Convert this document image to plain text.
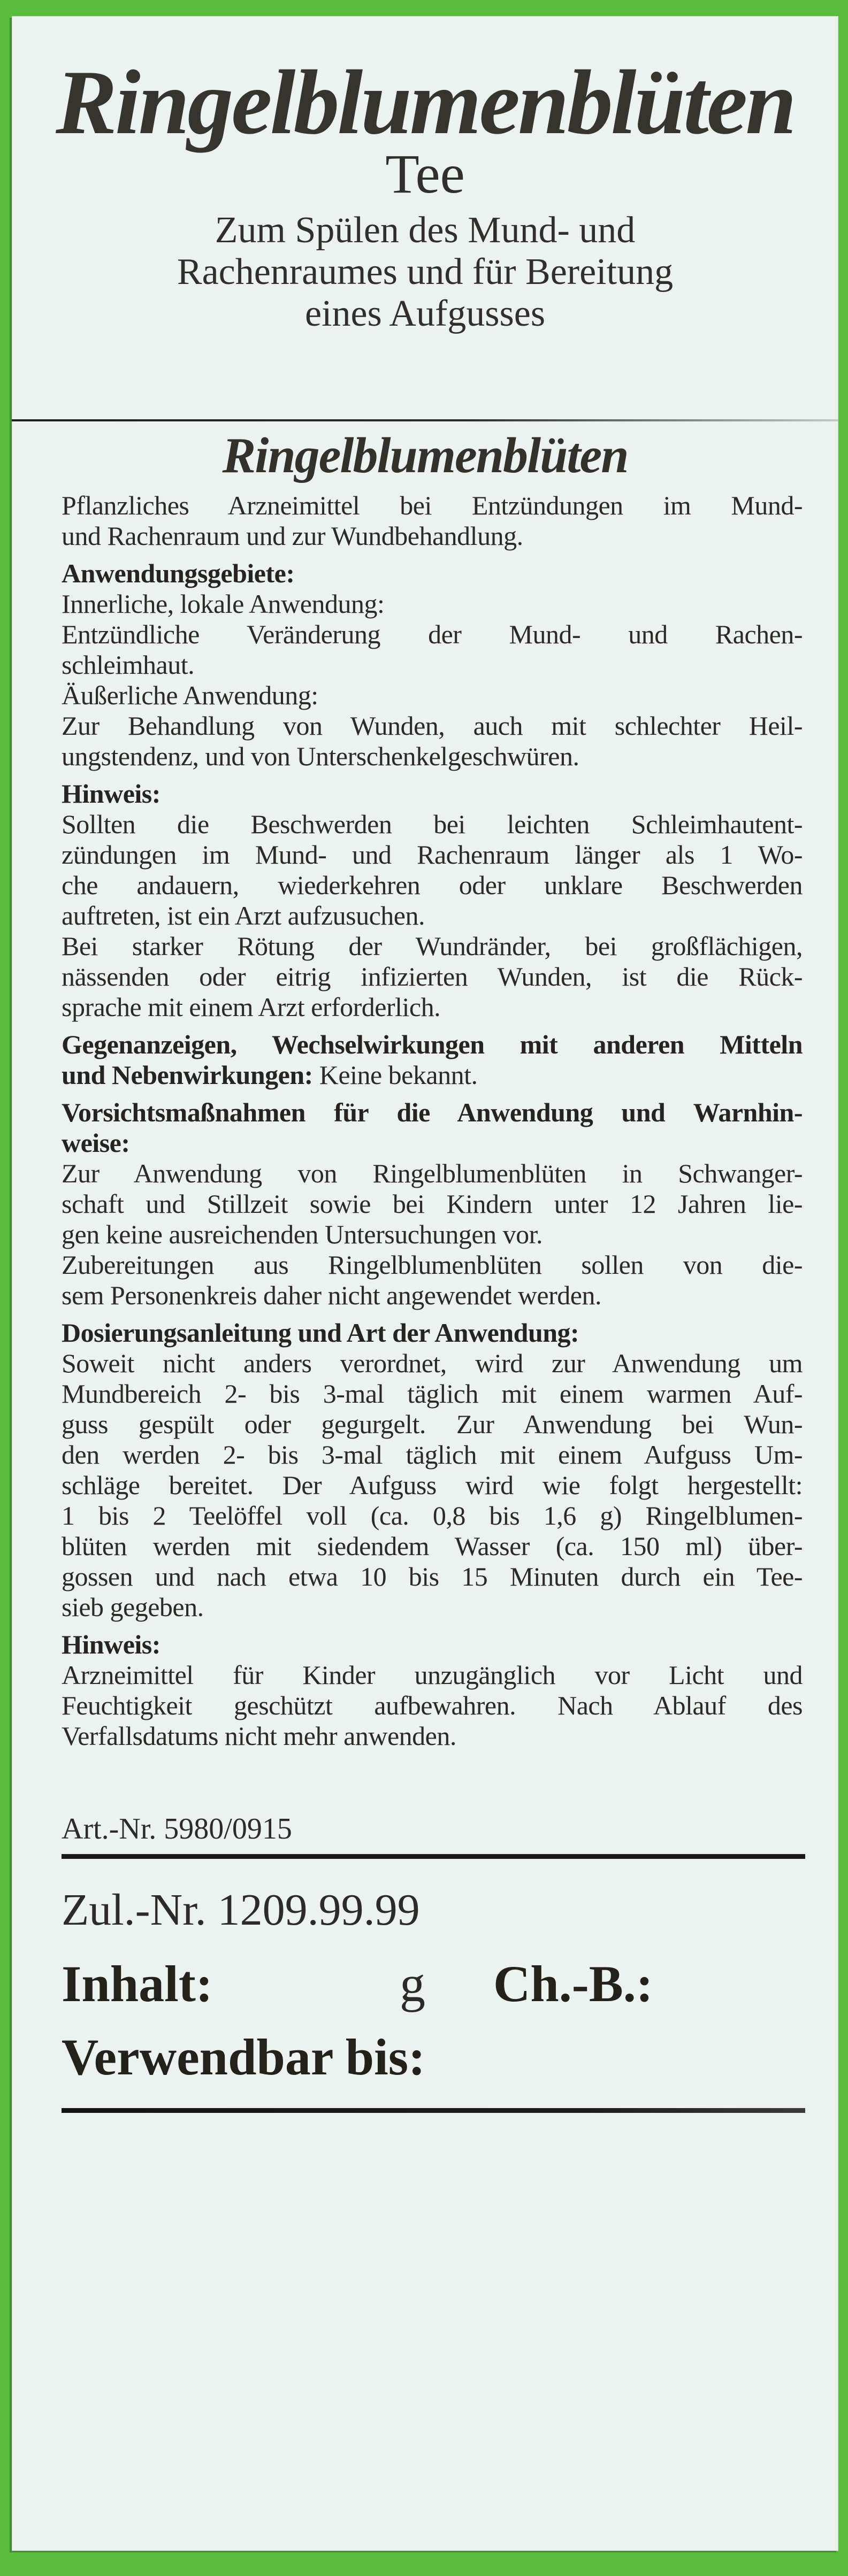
Ringelblumenblüten
Tee
Zum Spülen des Mund- und
Rachenraumes und für Bereitung
eines Aufgusses
Ringelblumenblüten
Pflanzliches Arzneimittel bei Entzündungen im Mund-
und Rachenraum und zur Wundbehandlung.
Anwendungsgebiete:
Innerliche, lokale Anwendung:
Entzündliche Veränderung der Mund- und Rachen-
schleimhaut.
Äußerliche Anwendung:
Zur Behandlung von Wunden, auch mit schlechter Heil-
ungstendenz, und von Unterschenkelgeschwüren.
Hinweis:
Sollten die Beschwerden bei leichten Schleimhautent-
zündungen im Mund- und Rachenraum länger als 1 Wo-
che andauern, wiederkehren oder unklare Beschwerden
auftreten, ist ein Arzt aufzusuchen.
Bei starker Rötung der Wundränder, bei großflächigen,
nässenden oder eitrig infizierten Wunden, ist die Rück-
sprache mit einem Arzt erforderlich.
Gegenanzeigen, Wechselwirkungen mit anderen Mitteln
und Nebenwirkungen: Keine bekannt.
Vorsichtsmaßnahmen für die Anwendung und Warnhin-
weise:
Zur Anwendung von Ringelblumenblüten in Schwanger-
schaft und Stillzeit sowie bei Kindern unter 12 Jahren lie-
gen keine ausreichenden Untersuchungen vor.
Zubereitungen aus Ringelblumenblüten sollen von die-
sem Personenkreis daher nicht angewendet werden.
Dosierungsanleitung und Art der Anwendung:
Soweit nicht anders verordnet, wird zur Anwendung um
Mundbereich 2- bis 3-mal täglich mit einem warmen Auf-
guss gespült oder gegurgelt. Zur Anwendung bei Wun-
den werden 2- bis 3-mal täglich mit einem Aufguss Um-
schläge bereitet. Der Aufguss wird wie folgt hergestellt:
1 bis 2 Teelöffel voll (ca. 0,8 bis 1,6 g) Ringelblumen-
blüten werden mit siedendem Wasser (ca. 150 ml) über-
gossen und nach etwa 10 bis 15 Minuten durch ein Tee-
sieb gegeben.
Hinweis:
Arzneimittel für Kinder unzugänglich vor Licht und
Feuchtigkeit geschützt aufbewahren. Nach Ablauf des
Verfallsdatums nicht mehr anwenden.
Art.-Nr. 5980/0915
Zul.-Nr. 1209.99.99
Inhalt:	g Ch.-B.:
Verwendbar bis:
